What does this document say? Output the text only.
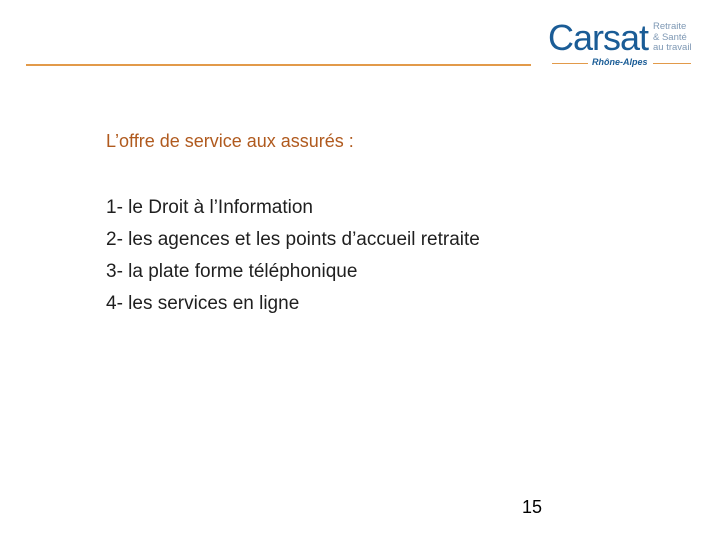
Carsat Retraite
& Santé
au travail
Rhône-Alpes
L’offre de service aux assurés :
1- le Droit à l’Information
2- les agences et les points d’accueil retraite
3- la plate forme téléphonique
4- les services en ligne
15
